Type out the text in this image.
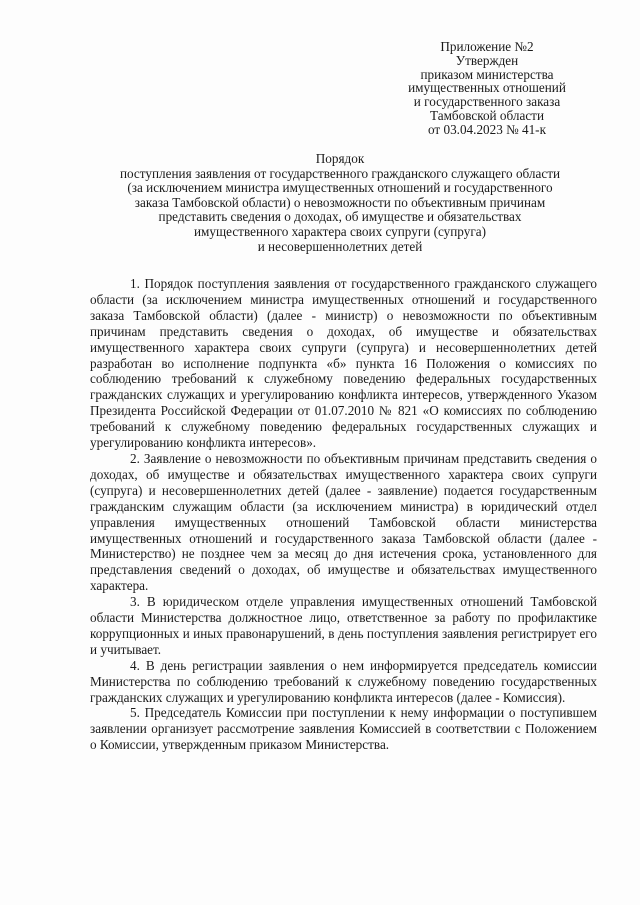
Приложение №2
Утвержден
приказом министерства
имущественных отношений
и государственного заказа
Тамбовской области
от 03.04.2023 № 41-к
Порядок
поступления заявления от государственного гражданского служащего области
(за исключением министра имущественных отношений и государственного
заказа Тамбовской области) о невозможности по объективным причинам
представить сведения о доходах, об имуществе и обязательствах
имущественного характера своих супруги (супруга)
и несовершеннолетних детей

1. Порядок поступления заявления от государственного гражданского служащего области (за исключением министра имущественных отношений и государственного заказа Тамбовской области) (далее - министр) о невозможности по объективным причинам представить сведения о доходах, об имуществе и обязательствах имущественного характера своих супруги (супруга) и несовершеннолетних детей разработан во исполнение подпункта «б» пункта 16 Положения о комиссиях по соблюдению требований к служебному поведению федеральных государственных гражданских служащих и урегулированию конфликта интересов, утвержденного Указом Президента Российской Федерации от 01.07.2010 № 821 «О комиссиях по соблюдению требований к служебному поведению федеральных государственных служащих и урегулированию конфликта интересов».

2. Заявление о невозможности по объективным причинам представить сведения о доходах, об имуществе и обязательствах имущественного характера своих супруги (супруга) и несовершеннолетних детей (далее - заявление) подается государственным гражданским служащим области (за исключением министра) в юридический отдел управления имущественных отношений Тамбовской области министерства имущественных отношений и государственного заказа Тамбовской области (далее - Министерство) не позднее чем за месяц до дня истечения срока, установленного для представления сведений о доходах, об имуществе и обязательствах имущественного характера.

3. В юридическом отделе управления имущественных отношений Тамбовской области Министерства должностное лицо, ответственное за работу по профилактике коррупционных и иных правонарушений, в день поступления заявления регистрирует его и учитывает.

4. В день регистрации заявления о нем информируется председатель комиссии Министерства по соблюдению требований к служебному поведению государственных гражданских служащих и урегулированию конфликта интересов (далее - Комиссия).

5. Председатель Комиссии при поступлении к нему информации о поступившем заявлении организует рассмотрение заявления Комиссией в соответствии с Положением о Комиссии, утвержденным приказом Министерства.
